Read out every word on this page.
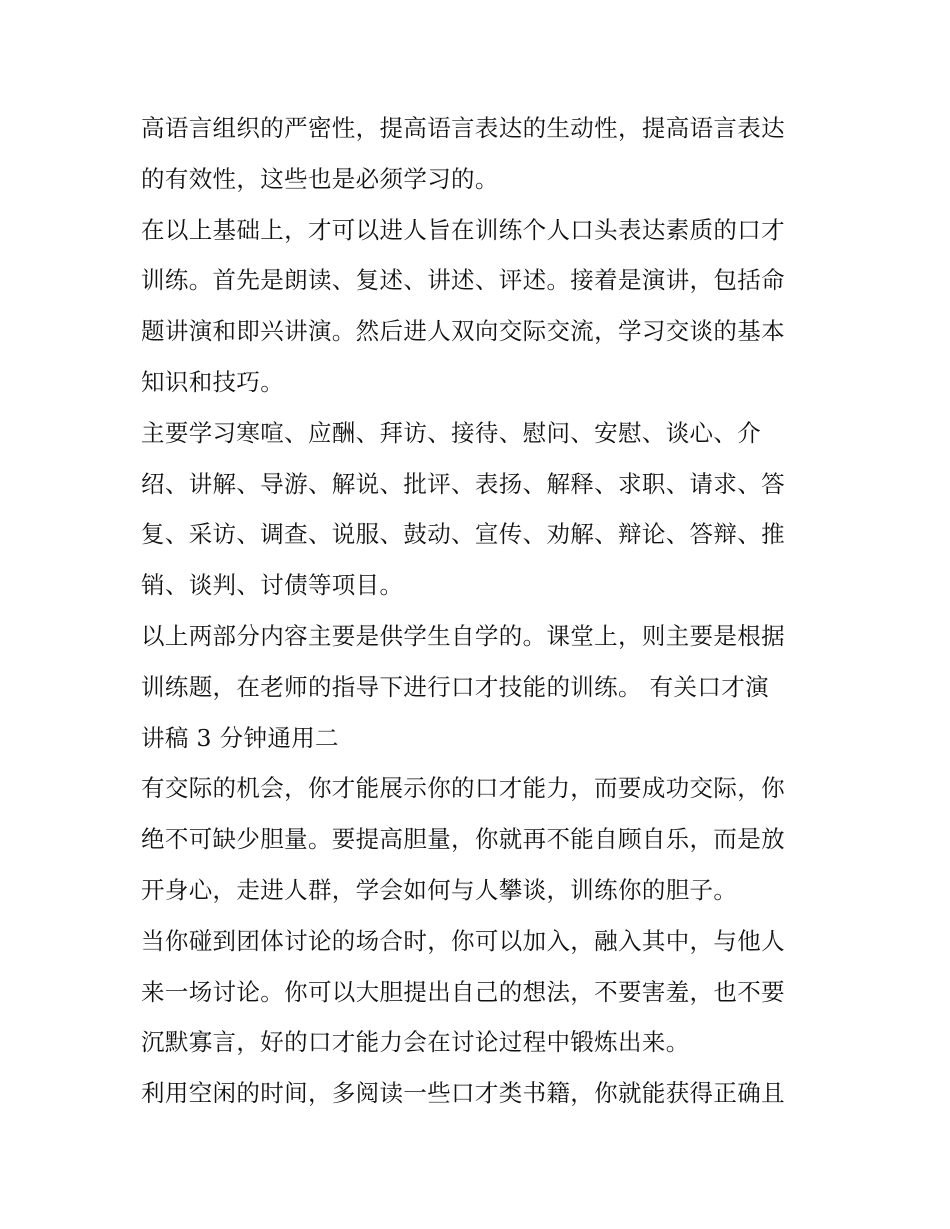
高语言组织的严密性，提高语言表达的生动性，提高语言表达
的有效性，这些也是必须学习的。
在以上基础上，才可以进人旨在训练个人口头表达素质的口才
训练。首先是朗读、复述、讲述、评述。接着是演讲，包括命
题讲演和即兴讲演。然后进人双向交际交流，学习交谈的基本
知识和技巧。
主要学习寒喧、应酬、拜访、接待、慰问、安慰、谈心、介
绍、讲解、导游、解说、批评、表扬、解释、求职、请求、答
复、采访、调查、说服、鼓动、宣传、劝解、辩论、答辩、推
销、谈判、讨债等项目。
以上两部分内容主要是供学生自学的。课堂上，则主要是根据
训练题，在老师的指导下进行口才技能的训练。 有关口才演
讲稿 3 分钟通用二
有交际的机会，你才能展示你的口才能力，而要成功交际，你
绝不可缺少胆量。要提高胆量，你就再不能自顾自乐，而是放
开身心，走进人群，学会如何与人攀谈，训练你的胆子。
当你碰到团体讨论的场合时，你可以加入，融入其中，与他人
来一场讨论。你可以大胆提出自己的想法，不要害羞，也不要
沉默寡言，好的口才能力会在讨论过程中锻炼出来。
利用空闲的时间，多阅读一些口才类书籍，你就能获得正确且
